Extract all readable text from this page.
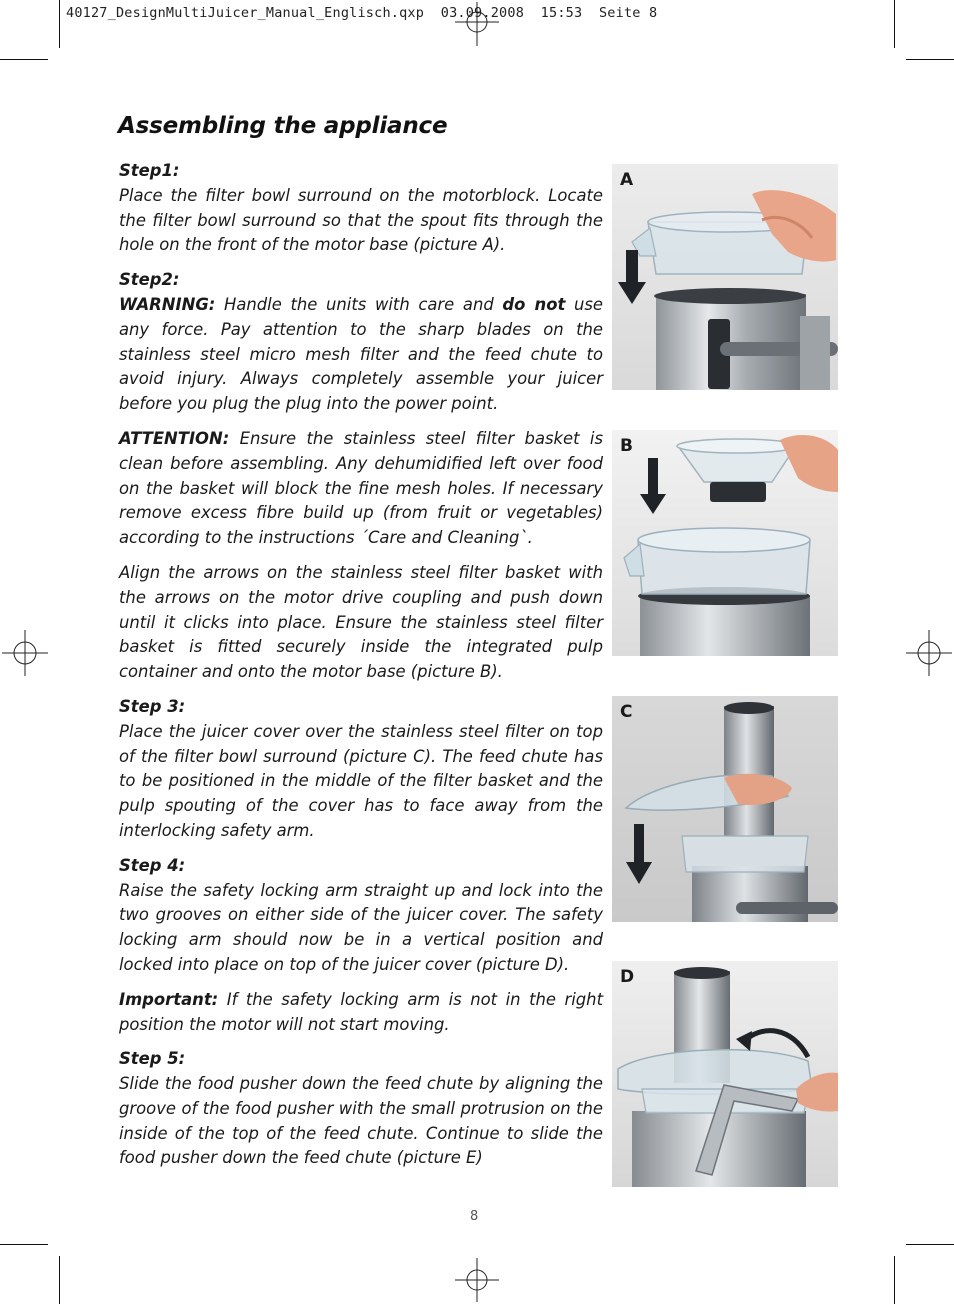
40127_DesignMultiJuicer_Manual_Englisch.qxp  03.09.2008  15:53  Seite 8
Assembling the appliance

Step1:
Place the filter bowl surround on the motorblock. Locate the filter bowl surround so that the spout fits through the hole on the front of the motor base (picture A).

Step2:
WARNING: Handle the units with care and do not use any force. Pay attention to the sharp blades on the stainless steel micro mesh filter and the feed chute to avoid injury. Always completely assemble your juicer before you plug the plug into the power point.

ATTENTION: Ensure the stainless steel filter basket is clean before assembling. Any dehumidified left over food on the basket will block the fine mesh holes. If necessary remove excess fibre build up (from fruit or vegetables) according to the instructions ´Care and Cleaning`.

Align the arrows on the stainless steel filter basket with the arrows on the motor drive coupling and push down until it clicks into place. Ensure the stainless steel filter basket is fitted securely inside the integrated pulp container and onto the motor base (picture B).

Step 3:
Place the juicer cover over the stainless steel filter on top of the filter bowl surround (picture C). The feed chute has to be positioned in the middle of the filter basket and the pulp spouting of the cover has to face away from the interlocking safety arm.

Step 4:
Raise the safety locking arm straight up and lock into the two grooves on either side of the juicer cover. The safety locking arm should now be in a vertical position and locked into place on top of the juicer cover (picture D).

Important: If the safety locking arm is not in the right position the motor will not start moving.

Step 5:
Slide the food pusher down the feed chute by aligning the groove of the food pusher with the small protrusion on the inside of the top of the feed chute. Continue to slide the food pusher down the feed chute (picture E)

A
B
C
D
8
